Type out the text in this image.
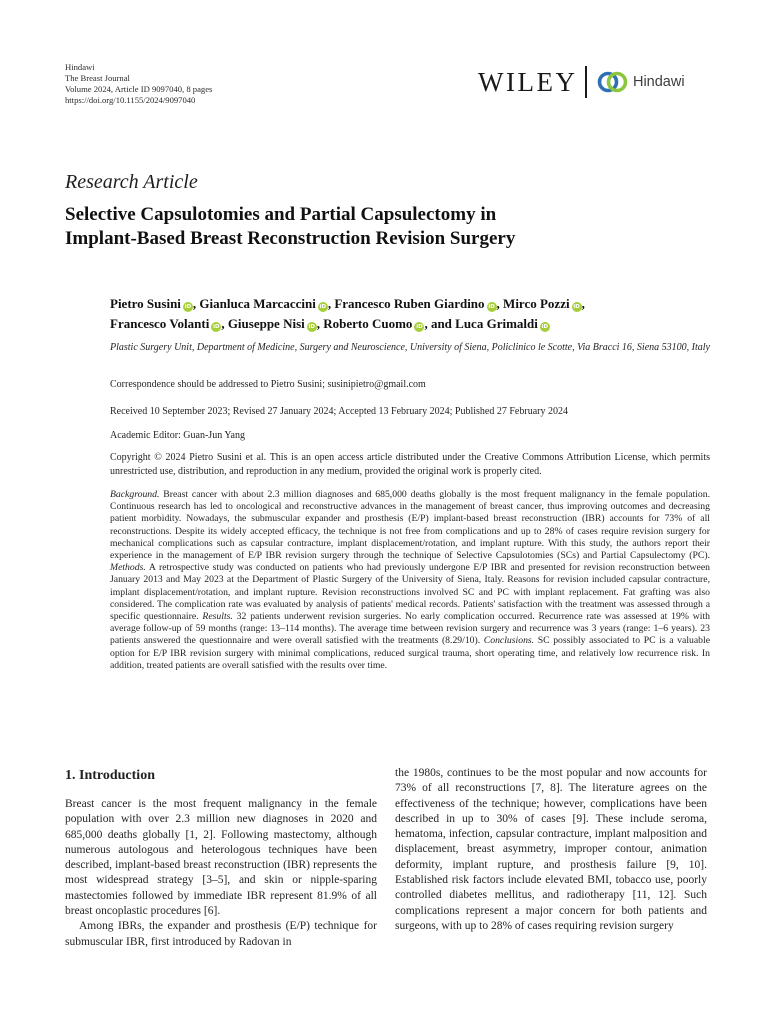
Hindawi
The Breast Journal
Volume 2024, Article ID 9097040, 8 pages
https://doi.org/10.1155/2024/9097040
WILEY	Hindawi
Research Article
Selective Capsulotomies and Partial Capsulectomy in
Implant-Based Breast Reconstruction Revision Surgery
Pietro Susini iD , Gianluca Marcaccini iD , Francesco Ruben Giardino iD , Mirco Pozzi iD ,
Francesco Volanti iD , Giuseppe Nisi iD , Roberto Cuomo iD , and Luca Grimaldi iD
Plastic Surgery Unit, Department of Medicine, Surgery and Neuroscience, University of Siena, Policlinico le Scotte, Via Bracci 16, Siena 53100, Italy
Correspondence should be addressed to Pietro Susini; susinipietro@gmail.com
Received 10 September 2023; Revised 27 January 2024; Accepted 13 February 2024; Published 27 February 2024
Academic Editor: Guan-Jun Yang
Copyright © 2024 Pietro Susini et al. This is an open access article distributed under the Creative Commons Attribution License, which permits unrestricted use, distribution, and reproduction in any medium, provided the original work is properly cited.
Background. Breast cancer with about 2.3 million diagnoses and 685,000 deaths globally is the most frequent malignancy in the female population. Continuous research has led to oncological and reconstructive advances in the management of breast cancer, thus improving outcomes and decreasing patient morbidity. Nowadays, the submuscular expander and prosthesis (E/P) implant-based breast reconstruction (IBR) accounts for 73% of all reconstructions. Despite its widely accepted efficacy, the technique is not free from complications and up to 28% of cases require revision surgery for mechanical complications such as capsular contracture, implant displacement/rotation, and implant rupture. With this study, the authors report their experience in the management of E/P IBR revision surgery through the technique of Selective Capsulotomies (SCs) and Partial Capsulectomy (PC). Methods. A retrospective study was conducted on patients who had previously undergone E/P IBR and presented for revision reconstruction between January 2013 and May 2023 at the Department of Plastic Surgery of the University of Siena, Italy. Reasons for revision included capsular contracture, implant displacement/rotation, and implant rupture. Revision reconstructions involved SC and PC with implant replacement. Fat grafting was also considered. The complication rate was evaluated by analysis of patients' medical records. Patients' satisfaction with the treatment was assessed through a specific questionnaire. Results. 32 patients underwent revision surgeries. No early complication occurred. Recurrence rate was assessed at 19% with average follow-up of 59 months (range: 13–114 months). The average time between revision surgery and recurrence was 3 years (range: 1–6 years). 23 patients answered the questionnaire and were overall satisfied with the treatments (8.29/10). Conclusions. SC possibly associated to PC is a valuable option for E/P IBR revision surgery with minimal complications, reduced surgical trauma, short operating time, and relatively low recurrence risk. In addition, treated patients are overall satisfied with the results over time.
1. Introduction

Breast cancer is the most frequent malignancy in the female population with over 2.3 million new diagnoses in 2020 and 685,000 deaths globally [1, 2]. Following mastectomy, although numerous autologous and heterologous techniques have been described, implant-based breast reconstruction (IBR) represents the most widespread strategy [3–5], and skin or nipple-sparing mastectomies followed by immediate IBR represent 81.9% of all breast oncoplastic procedures [6].

Among IBRs, the expander and prosthesis (E/P) technique for submuscular IBR, first introduced by Radovan in

the 1980s, continues to be the most popular and now accounts for 73% of all reconstructions [7, 8]. The literature agrees on the effectiveness of the technique; however, complications have been described in up to 30% of cases [9]. These include seroma, hematoma, infection, capsular contracture, implant malposition and displacement, breast asymmetry, improper contour, animation deformity, implant rupture, and prosthesis failure [9, 10]. Established risk factors include elevated BMI, tobacco use, poorly controlled diabetes mellitus, and radiotherapy [11, 12]. Such complications represent a major concern for both patients and surgeons, with up to 28% of cases requiring revision surgery
